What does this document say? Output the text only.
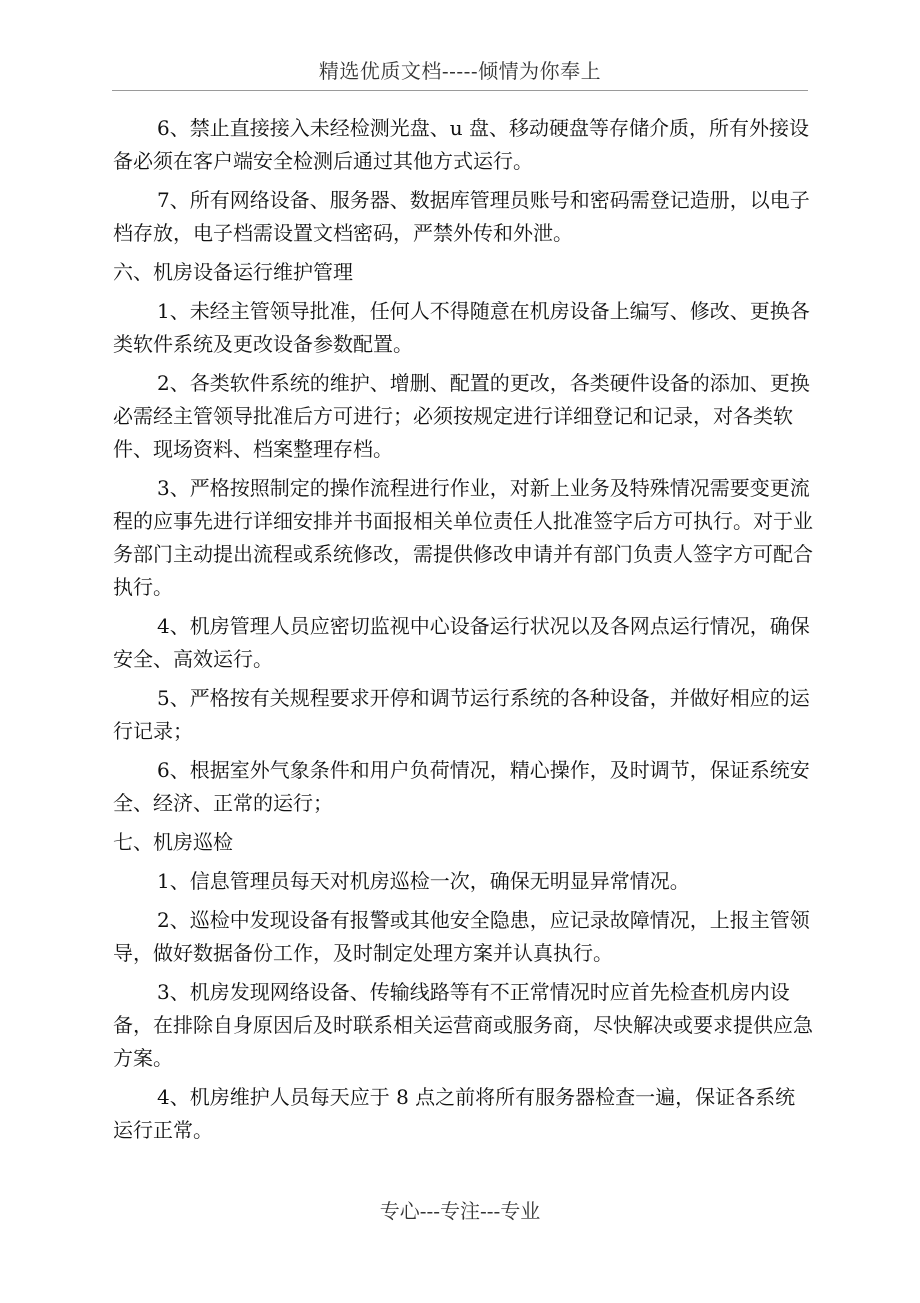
精选优质文档-----倾情为你奉上

6、禁止直接接入未经检测光盘、u 盘、移动硬盘等存储介质，所有外接设备必须在客户端安全检测后通过其他方式运行。

7、所有网络设备、服务器、数据库管理员账号和密码需登记造册，以电子档存放，电子档需设置文档密码，严禁外传和外泄。

六、机房设备运行维护管理

1、未经主管领导批准，任何人不得随意在机房设备上编写、修改、更换各类软件系统及更改设备参数配置。

2、各类软件系统的维护、增删、配置的更改，各类硬件设备的添加、更换必需经主管领导批准后方可进行；必须按规定进行详细登记和记录，对各类软件、现场资料、档案整理存档。

3、严格按照制定的操作流程进行作业，对新上业务及特殊情况需要变更流程的应事先进行详细安排并书面报相关单位责任人批准签字后方可执行。对于业务部门主动提出流程或系统修改，需提供修改申请并有部门负责人签字方可配合执行。

4、机房管理人员应密切监视中心设备运行状况以及各网点运行情况，确保安全、高效运行。

5、严格按有关规程要求开停和调节运行系统的各种设备，并做好相应的运行记录；

6、根据室外气象条件和用户负荷情况，精心操作，及时调节，保证系统安全、经济、正常的运行；

七、机房巡检

1、信息管理员每天对机房巡检一次，确保无明显异常情况。

2、巡检中发现设备有报警或其他安全隐患，应记录故障情况，上报主管领导，做好数据备份工作，及时制定处理方案并认真执行。

3、机房发现网络设备、传输线路等有不正常情况时应首先检查机房内设备，在排除自身原因后及时联系相关运营商或服务商，尽快解决或要求提供应急方案。

4、机房维护人员每天应于 8 点之前将所有服务器检查一遍，保证各系统运行正常。

专心---专注---专业
